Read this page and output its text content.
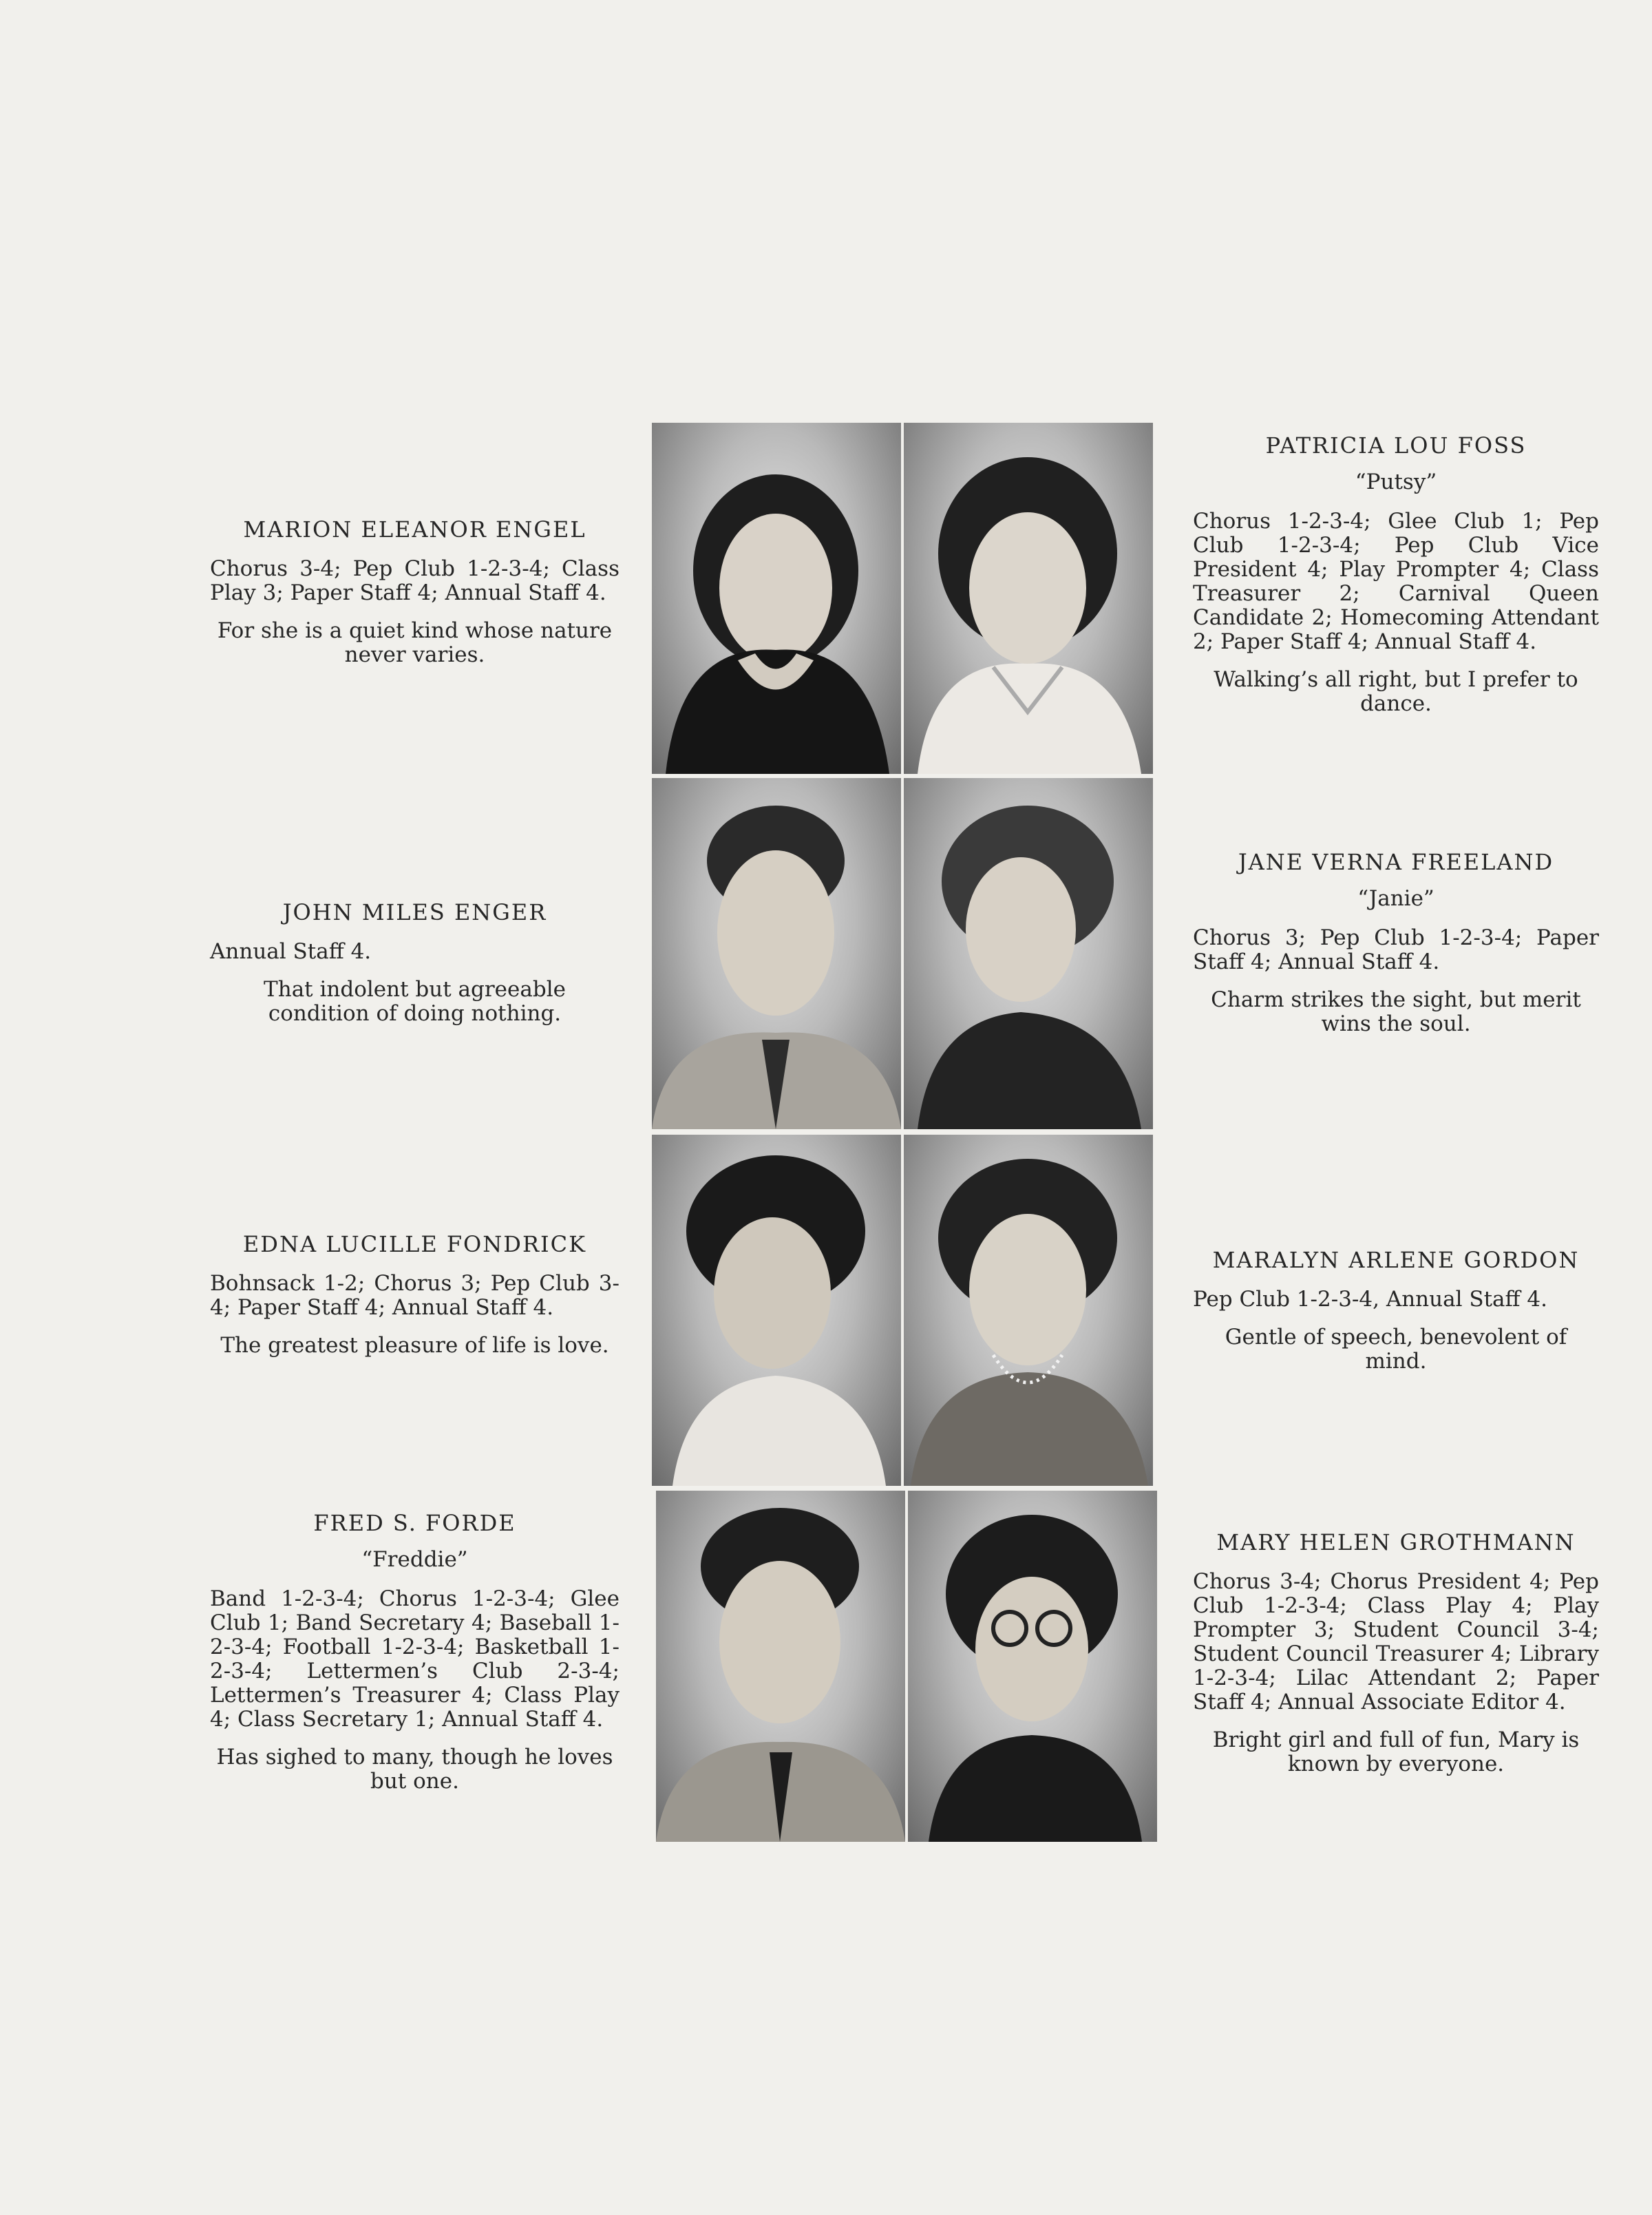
MARION ELEANOR ENGEL
Chorus 3-4; Pep Club 1-2-3-4; Class Play 3; Paper Staff 4; Annual Staff 4.
For she is a quiet kind whose nature never varies.
PATRICIA LOU FOSS
“Putsy”
Chorus 1-2-3-4; Glee Club 1; Pep Club 1-2-3-4; Pep Club Vice President 4; Play Prompter 4; Class Treasurer 2; Carnival Queen Candidate 2; Homecoming Attendant 2; Paper Staff 4; Annual Staff 4.
Walking’s all right, but I prefer to dance.
JOHN MILES ENGER
Annual Staff 4.
That indolent but agreeable condition of doing nothing.
JANE VERNA FREELAND
“Janie”
Chorus 3; Pep Club 1-2-3-4; Paper Staff 4; Annual Staff 4.
Charm strikes the sight, but merit wins the soul.
EDNA LUCILLE FONDRICK
Bohnsack 1-2; Chorus 3; Pep Club 3-4; Paper Staff 4; Annual Staff 4.
The greatest pleasure of life is love.
MARALYN ARLENE GORDON
Pep Club 1-2-3-4, Annual Staff 4.
Gentle of speech, benevolent of mind.
FRED S. FORDE
“Freddie”
Band 1-2-3-4; Chorus 1-2-3-4; Glee Club 1; Band Secretary 4; Baseball 1-2-3-4; Football 1-2-3-4; Basketball 1-2-3-4; Lettermen’s Club 2-3-4; Lettermen’s Treasurer 4; Class Play 4; Class Secretary 1; Annual Staff 4.
Has sighed to many, though he loves but one.
MARY HELEN GROTHMANN
Chorus 3-4; Chorus President 4; Pep Club 1-2-3-4; Class Play 4; Play Prompter 3; Student Council 3-4; Student Council Treasurer 4; Library 1-2-3-4; Lilac Attendant 2; Paper Staff 4; Annual Associate Editor 4.
Bright girl and full of fun, Mary is known by everyone.
